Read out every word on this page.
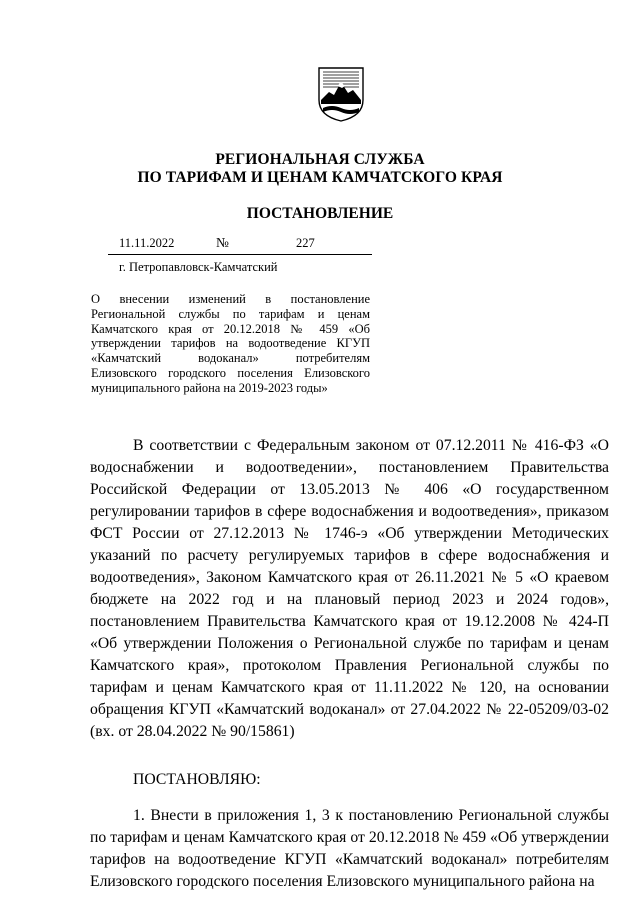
РЕГИОНАЛЬНАЯ СЛУЖБА
ПО ТАРИФАМ И ЦЕНАМ КАМЧАТСКОГО КРАЯ
ПОСТАНОВЛЕНИЕ
11.11.2022	№	227
г. Петропавловск-Камчатский
О внесении изменений в постановление Региональной службы по тарифам и ценам Камчатского края от 20.12.2018 № 459 «Об утверждении тарифов на водоотведение КГУП «Камчатский водоканал» потребителям Елизовского городского поселения Елизовского муниципального района на 2019-2023 годы»

В соответствии с Федеральным законом от 07.12.2011 № 416-ФЗ «О водоснабжении и водоотведении», постановлением Правительства Российской Федерации от 13.05.2013 № 406 «О государственном регулировании тарифов в сфере водоснабжения и водоотведения», приказом ФСТ России от 27.12.2013 № 1746-э «Об утверждении Методических указаний по расчету регулируемых тарифов в сфере водоснабжения и водоотведения», Законом Камчатского края от 26.11.2021 № 5 «О краевом бюджете на 2022 год и на плановый период 2023 и 2024 годов», постановлением Правительства Камчатского края от 19.12.2008 № 424-П «Об утверждении Положения о Региональной службе по тарифам и ценам Камчатского края», протоколом Правления Региональной службы по тарифам и ценам Камчатского края от 11.11.2022 № 120, на основании обращения КГУП «Камчатский водоканал» от 27.04.2022 № 22-05209/03-02 (вх. от 28.04.2022 № 90/15861)

ПОСТАНОВЛЯЮ:

1. Внести в приложения 1, 3 к постановлению Региональной службы по тарифам и ценам Камчатского края от 20.12.2018 № 459 «Об утверждении тарифов на водоотведение КГУП «Камчатский водоканал» потребителям Елизовского городского поселения Елизовского муниципального района на
